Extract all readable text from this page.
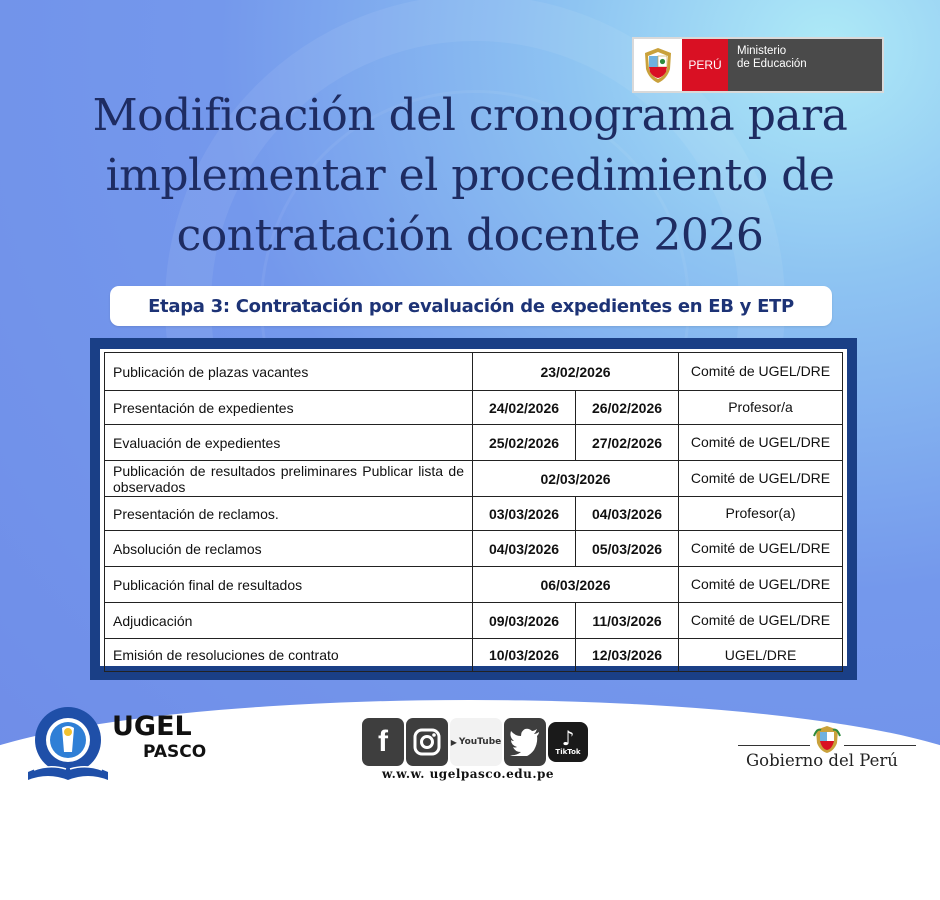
PERÚ
Ministerio
de Educación
Modificación del cronograma para
implementar el procedimiento de
contratación docente 2026
Etapa 3: Contratación por evaluación de expedientes en EB y ETP
Publicación de plazas vacantes	23/02/2026		Comité de UGEL/DRE
Presentación de expedientes	24/02/2026	26/02/2026	Profesor/a
Evaluación de expedientes	25/02/2026	27/02/2026	Comité de UGEL/DRE
Publicación de resultados preliminares Publicar lista de observados	02/03/2026		Comité de UGEL/DRE
Presentación de reclamos.	03/03/2026	04/03/2026	Profesor(a)
Absolución de reclamos	04/03/2026	05/03/2026	Comité de UGEL/DRE
Publicación final de resultados	06/03/2026		Comité de UGEL/DRE
Adjudicación	09/03/2026	11/03/2026	Comité de UGEL/DRE
Emisión de resoluciones de contrato	10/03/2026	12/03/2026	UGEL/DRE
UGEL
PASCO	f	▶ YouTube	♪
TikTok
w.w.w. ugelpasco.edu.pe
Gobierno del Perú
